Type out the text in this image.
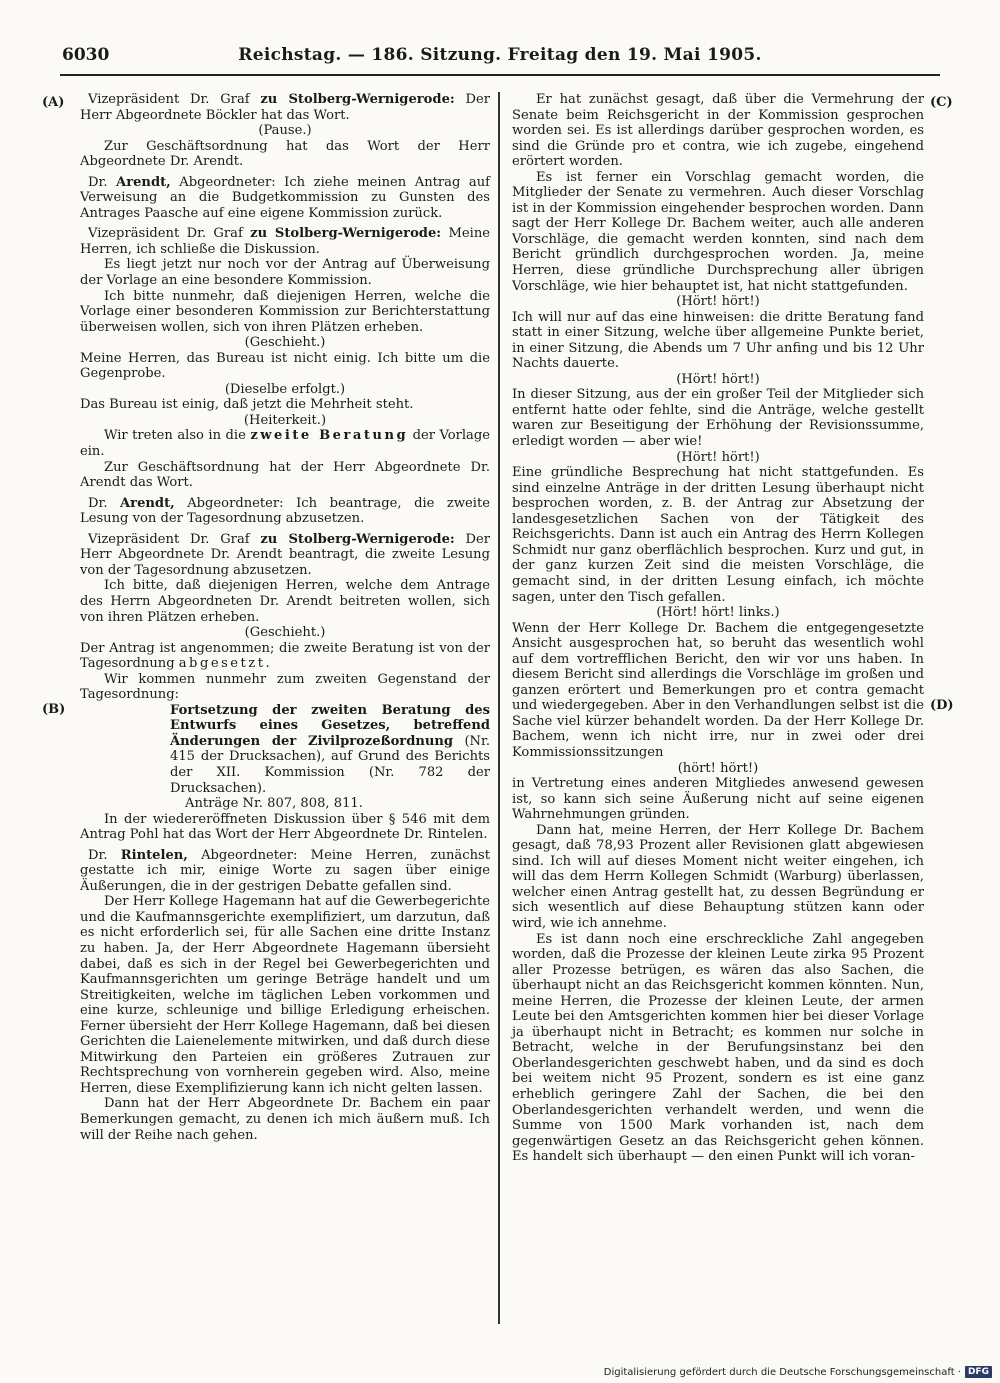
6030	Reichstag. — 186. Sitzung. Freitag den 19. Mai 1905.
(A)
(B)
(C)
(D)

Vizepräsident Dr. Graf zu Stolberg-Wernigerode: Der Herr Abgeordnete Böckler hat das Wort.

(Pause.)

Zur Geschäftsordnung hat das Wort der Herr Abgeordnete Dr. Arendt.

Dr. Arendt, Abgeordneter: Ich ziehe meinen Antrag auf Verweisung an die Budgetkommission zu Gunsten des Antrages Paasche auf eine eigene Kommission zurück.

Vizepräsident Dr. Graf zu Stolberg-Wernigerode: Meine Herren, ich schließe die Diskussion.

Es liegt jetzt nur noch vor der Antrag auf Überweisung der Vorlage an eine besondere Kommission.

Ich bitte nunmehr, daß diejenigen Herren, welche die Vorlage einer besonderen Kommission zur Berichterstattung überweisen wollen, sich von ihren Plätzen erheben.

(Geschieht.)

Meine Herren, das Bureau ist nicht einig. Ich bitte um die Gegenprobe.

(Dieselbe erfolgt.)

Das Bureau ist einig, daß jetzt die Mehrheit steht.

(Heiterkeit.)

Wir treten also in die zweite Beratung der Vorlage ein.

Zur Geschäftsordnung hat der Herr Abgeordnete Dr. Arendt das Wort.

Dr. Arendt, Abgeordneter: Ich beantrage, die zweite Lesung von der Tagesordnung abzusetzen.

Vizepräsident Dr. Graf zu Stolberg-Wernigerode: Der Herr Abgeordnete Dr. Arendt beantragt, die zweite Lesung von der Tagesordnung abzusetzen.

Ich bitte, daß diejenigen Herren, welche dem Antrage des Herrn Abgeordneten Dr. Arendt beitreten wollen, sich von ihren Plätzen erheben.

(Geschieht.)

Der Antrag ist angenommen; die zweite Beratung ist von der Tagesordnung abgesetzt.

Wir kommen nunmehr zum zweiten Gegenstand der Tagesordnung:

Fortsetzung der zweiten Beratung des Entwurfs eines Gesetzes, betreffend Änderungen der Zivilprozeßordnung (Nr. 415 der Drucksachen), auf Grund des Berichts der XII. Kommission (Nr. 782 der Drucksachen).

Anträge Nr. 807, 808, 811.

In der wiedereröffneten Diskussion über § 546 mit dem Antrag Pohl hat das Wort der Herr Abgeordnete Dr. Rintelen.

Dr. Rintelen, Abgeordneter: Meine Herren, zunächst gestatte ich mir, einige Worte zu sagen über einige Äußerungen, die in der gestrigen Debatte gefallen sind.

Der Herr Kollege Hagemann hat auf die Gewerbegerichte und die Kaufmannsgerichte exemplifiziert, um darzutun, daß es nicht erforderlich sei, für alle Sachen eine dritte Instanz zu haben. Ja, der Herr Abgeordnete Hagemann übersieht dabei, daß es sich in der Regel bei Gewerbegerichten und Kaufmannsgerichten um geringe Beträge handelt und um Streitigkeiten, welche im täglichen Leben vorkommen und eine kurze, schleunige und billige Erledigung erheischen. Ferner übersieht der Herr Kollege Hagemann, daß bei diesen Gerichten die Laienelemente mitwirken, und daß durch diese Mitwirkung den Parteien ein größeres Zutrauen zur Rechtsprechung von vornherein gegeben wird. Also, meine Herren, diese Exemplifizierung kann ich nicht gelten lassen.

Dann hat der Herr Abgeordnete Dr. Bachem ein paar Bemerkungen gemacht, zu denen ich mich äußern muß. Ich will der Reihe nach gehen.

Er hat zunächst gesagt, daß über die Vermehrung der Senate beim Reichsgericht in der Kommission gesprochen worden sei. Es ist allerdings darüber gesprochen worden, es sind die Gründe pro et contra, wie ich zugebe, eingehend erörtert worden.

Es ist ferner ein Vorschlag gemacht worden, die Mitglieder der Senate zu vermehren. Auch dieser Vorschlag ist in der Kommission eingehender besprochen worden. Dann sagt der Herr Kollege Dr. Bachem weiter, auch alle anderen Vorschläge, die gemacht werden konnten, sind nach dem Bericht gründlich durchgesprochen worden. Ja, meine Herren, diese gründliche Durchsprechung aller übrigen Vorschläge, wie hier behauptet ist, hat nicht stattgefunden.

(Hört! hört!)

Ich will nur auf das eine hinweisen: die dritte Beratung fand statt in einer Sitzung, welche über allgemeine Punkte beriet, in einer Sitzung, die Abends um 7 Uhr anfing und bis 12 Uhr Nachts dauerte.

(Hört! hört!)

In dieser Sitzung, aus der ein großer Teil der Mitglieder sich entfernt hatte oder fehlte, sind die Anträge, welche gestellt waren zur Beseitigung der Erhöhung der Revisionssumme, erledigt worden — aber wie!

(Hört! hört!)

Eine gründliche Besprechung hat nicht stattgefunden. Es sind einzelne Anträge in der dritten Lesung überhaupt nicht besprochen worden, z. B. der Antrag zur Absetzung der landesgesetzlichen Sachen von der Tätigkeit des Reichsgerichts. Dann ist auch ein Antrag des Herrn Kollegen Schmidt nur ganz oberflächlich besprochen. Kurz und gut, in der ganz kurzen Zeit sind die meisten Vorschläge, die gemacht sind, in der dritten Lesung einfach, ich möchte sagen, unter den Tisch gefallen.

(Hört! hört! links.)

Wenn der Herr Kollege Dr. Bachem die entgegengesetzte Ansicht ausgesprochen hat, so beruht das wesentlich wohl auf dem vortrefflichen Bericht, den wir vor uns haben. In diesem Bericht sind allerdings die Vorschläge im großen und ganzen erörtert und Bemerkungen pro et contra gemacht und wiedergegeben. Aber in den Verhandlungen selbst ist die Sache viel kürzer behandelt worden. Da der Herr Kollege Dr. Bachem, wenn ich nicht irre, nur in zwei oder drei Kommissionssitzungen

(hört! hört!)

in Vertretung eines anderen Mitgliedes anwesend gewesen ist, so kann sich seine Äußerung nicht auf seine eigenen Wahrnehmungen gründen.

Dann hat, meine Herren, der Herr Kollege Dr. Bachem gesagt, daß 78,93 Prozent aller Revisionen glatt abgewiesen sind. Ich will auf dieses Moment nicht weiter eingehen, ich will das dem Herrn Kollegen Schmidt (Warburg) überlassen, welcher einen Antrag gestellt hat, zu dessen Begründung er sich wesentlich auf diese Behauptung stützen kann oder wird, wie ich annehme.

Es ist dann noch eine erschreckliche Zahl angegeben worden, daß die Prozesse der kleinen Leute zirka 95 Prozent aller Prozesse betrügen, es wären das also Sachen, die überhaupt nicht an das Reichsgericht kommen könnten. Nun, meine Herren, die Prozesse der kleinen Leute, der armen Leute bei den Amtsgerichten kommen hier bei dieser Vorlage ja überhaupt nicht in Betracht; es kommen nur solche in Betracht, welche in der Berufungsinstanz bei den Oberlandesgerichten geschwebt haben, und da sind es doch bei weitem nicht 95 Prozent, sondern es ist eine ganz erheblich geringere Zahl der Sachen, die bei den Oberlandesgerichten verhandelt werden, und wenn die Summe von 1500 Mark vorhanden ist, nach dem gegenwärtigen Gesetz an das Reichsgericht gehen können. Es handelt sich überhaupt — den einen Punkt will ich voran-

Digitalisierung gefördert durch die Deutsche Forschungsgemeinschaft · DFG
